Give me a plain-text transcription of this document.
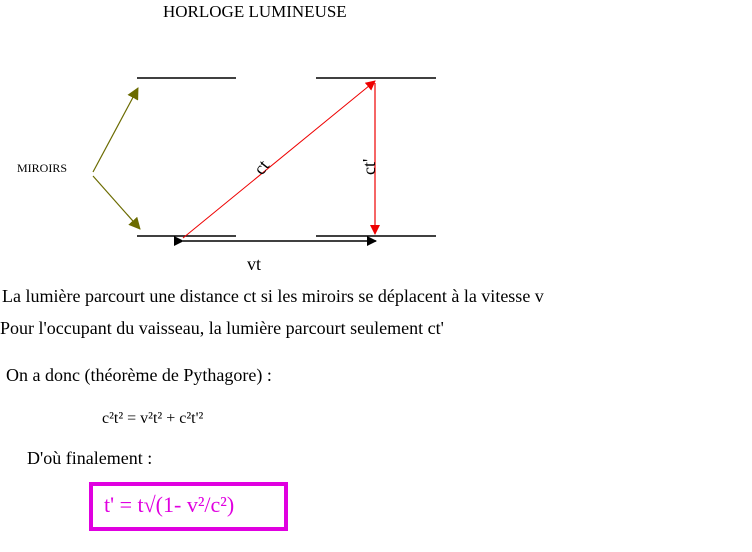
MIROIRS	ct	ct'
vt
HORLOGE LUMINEUSE
La lumière parcourt une distance ct si les miroirs se déplacent à la vitesse v
Pour l'occupant du vaisseau, la lumière parcourt seulement ct'
On a donc (théorème de Pythagore) :
c²t² = v²t² + c²t'²
D'où finalement :
t' = t√(1- v²/c²)
